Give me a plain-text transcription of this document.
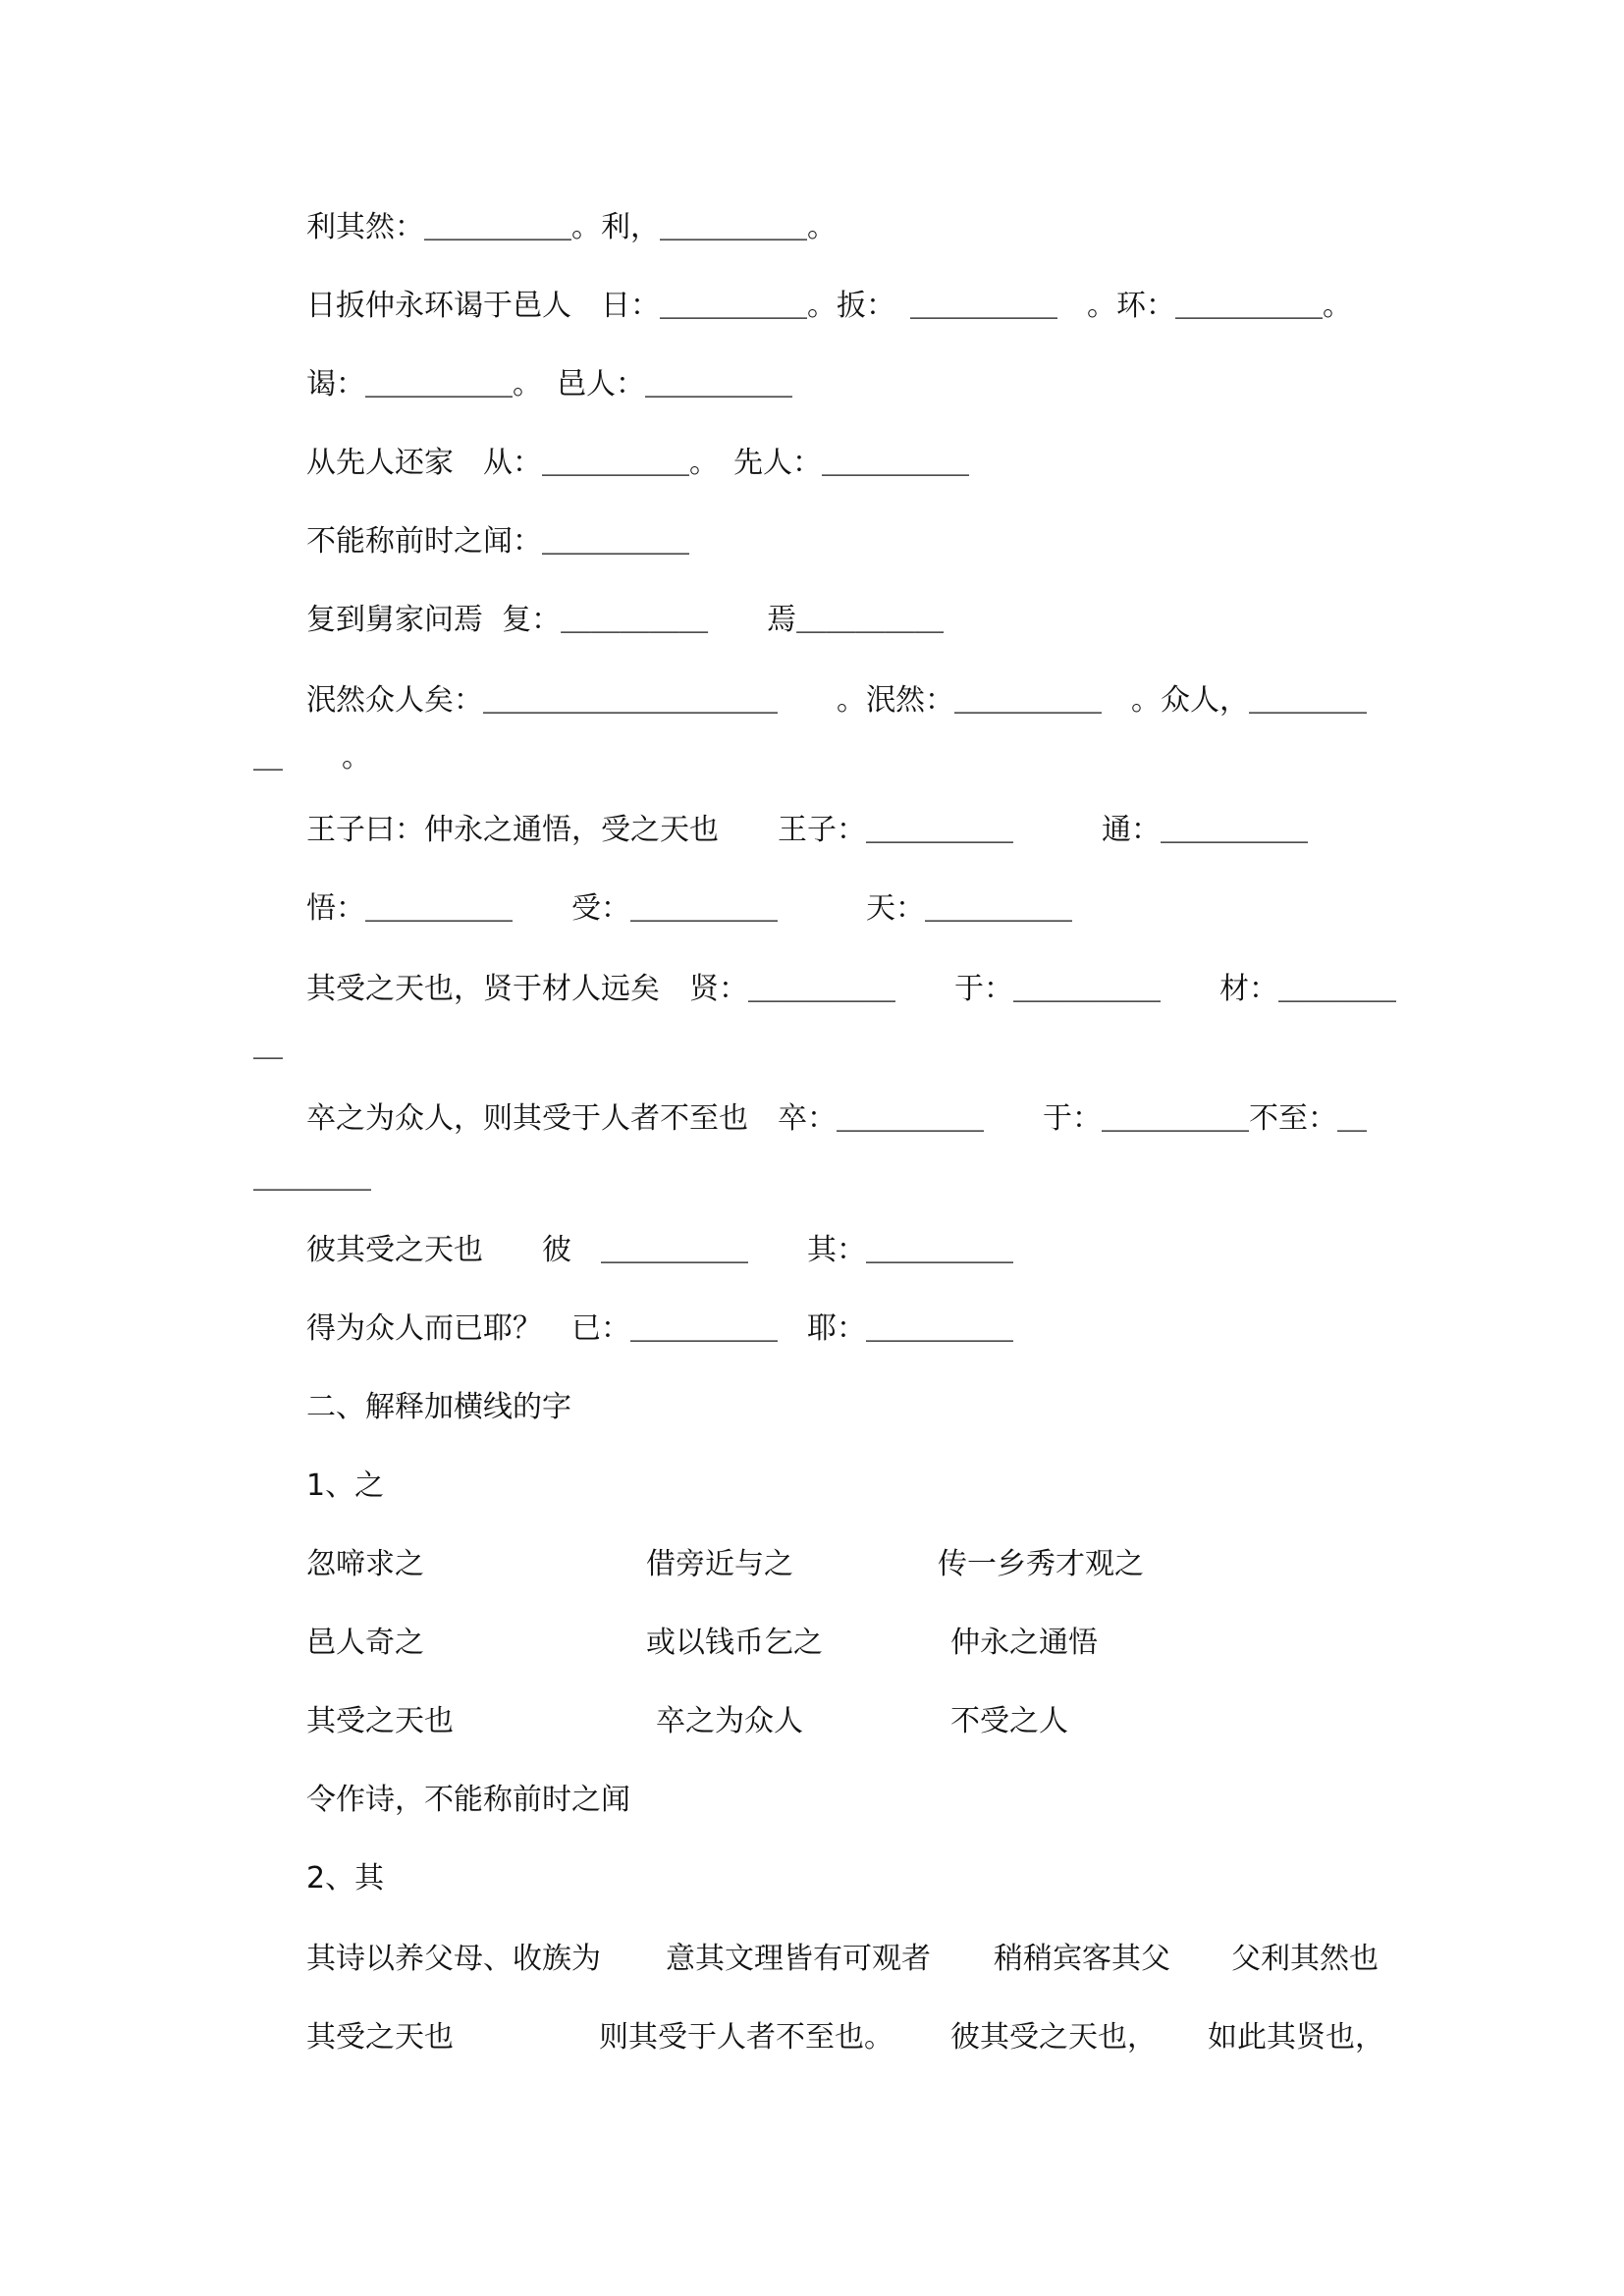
利其然：＿＿＿＿＿。利，＿＿＿＿＿。
日扳仲永环谒于邑人　日：＿＿＿＿＿。扳：　＿＿＿＿＿　。环：＿＿＿＿＿。
谒：＿＿＿＿＿。　邑人：＿＿＿＿＿
从先人还家　从：＿＿＿＿＿。　先人：＿＿＿＿＿
不能称前时之闻：＿＿＿＿＿
复到舅家问焉  复：＿＿＿＿＿　　焉＿＿＿＿＿
泯然众人矣：＿＿＿＿＿＿＿＿＿＿　　。泯然：＿＿＿＿＿　。众人，＿＿＿＿
＿　　。
王子曰：仲永之通悟，受之天也　　王子：＿＿＿＿＿　　　通：＿＿＿＿＿
悟：＿＿＿＿＿　　受：＿＿＿＿＿　　　天：＿＿＿＿＿
其受之天也，贤于材人远矣　贤：＿＿＿＿＿　　于：＿＿＿＿＿　　材：＿＿＿＿
＿
卒之为众人，则其受于人者不至也　卒：＿＿＿＿＿　　于：＿＿＿＿＿不至：＿
＿＿＿＿
彼其受之天也　　彼　＿＿＿＿＿　　其：＿＿＿＿＿
得为众人而已耶？　已：＿＿＿＿＿　耶：＿＿＿＿＿
二、解释加横线的字
1、之
忽啼求之	借旁近与之	传一乡秀才观之
邑人奇之	或以钱币乞之	仲永之通悟
其受之天也	卒之为众人	不受之人
令作诗，不能称前时之闻
2、其
其诗以养父母、收族为 意其文理皆有可观者 稍稍宾客其父 父利其然也
其受之天也	则其受于人者不至也。 彼其受之天也， 如此其贤也，
